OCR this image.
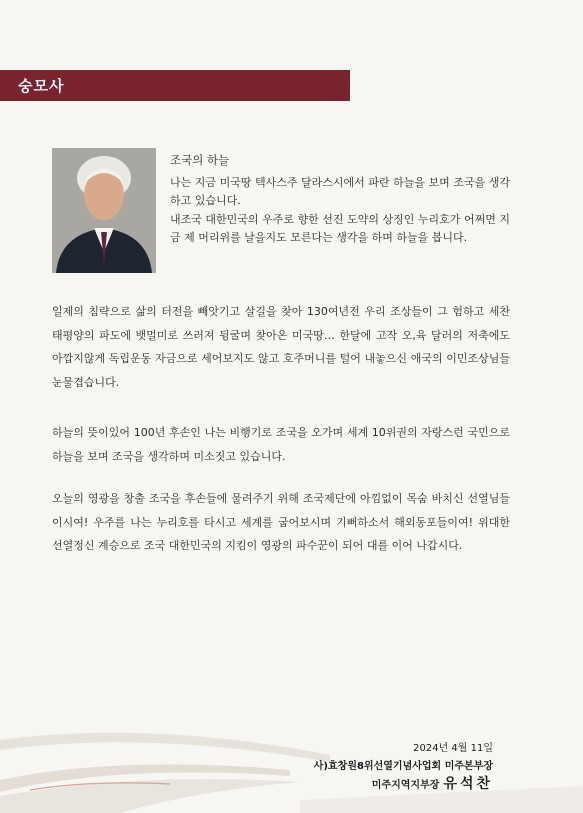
숭모사

조국의 하늘

나는 지금 미국땅 텍사스주 달라스시에서 파란 하늘을 보며 조국을 생각하고 있습니다.

내조국 대한민국의 우주로 향한 선진 도약의 상징인 누리호가 어쩌면 지금 제 머리위를 날을지도 모른다는 생각을 하며 하늘을 봅니다.

일제의 침략으로 삶의 터전을 빼앗기고 살길을 찾아 130여년전 우리 조상들이 그 험하고 세찬 태평양의 파도에 뱃멀미로 쓰러져 뒹굴며 찾아온 미국땅… 한달에 고작 오,육 달러의 저축에도 아깝지않게 독립운동 자금으로 세어보지도 않고 호주머니를 털어 내놓으신 애국의 이민조상님들 눈물겹습니다.

하늘의 뜻이있어 100년 후손인 나는 비행기로 조국을 오가며 세계 10위권의 자랑스런 국민으로 하늘을 보며 조국을 생각하며 미소짓고 있습니다.

오늘의 영광을 창출 조국을 후손들에 물려주기 위해 조국제단에 아낌없이 목숨 바치신 선열님들이시여! 우주를 나는 누리호를 타시고 세계를 굽어보시며 기뻐하소서 해외동포들이여! 위대한 선열정신 계승으로 조국 대한민국의 지킴이 영광의 파수꾼이 되어 대를 이어 나갑시다.

2024년 4월 11일

사)효창원8위선열기념사업회 미주본부장

미주지역지부장 유석찬
